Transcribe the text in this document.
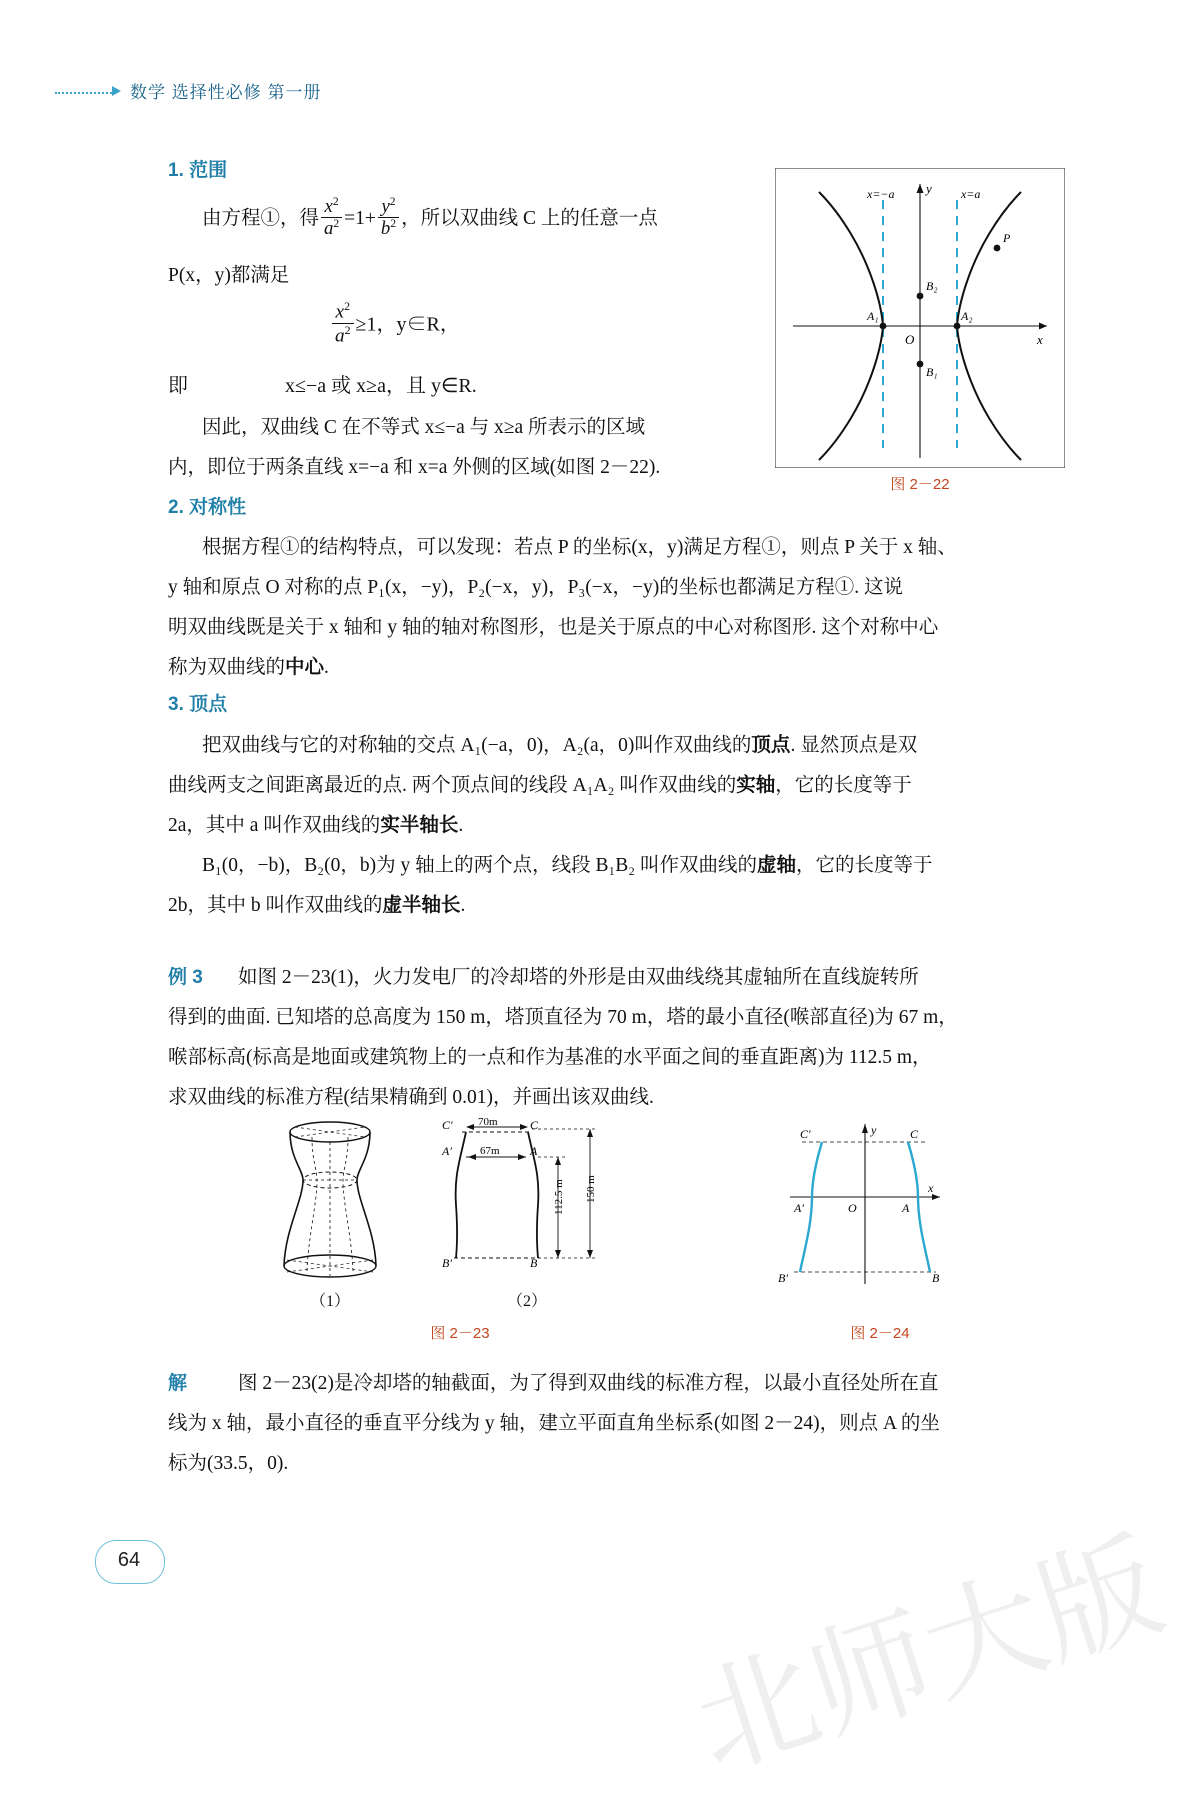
北师大版
数学 选择性必修 第一册
1. 范围

由方程①，得 $\frac{x^2}{a^2} =1+ \frac{y^2}{b^2}$ ，所以双曲线 C 上的任意一点

P(x，y)都满足

$\frac{x^2}{a^2} \ge 1$，y∈R，
即	x≤−a 或 x≥a，且 y∈R.

因此，双曲线 C 在不等式 x≤−a 与 x≥a 所表示的区域

内，即位于两条直线 x=−a 和 x=a 外侧的区域(如图 2－22).

x=−a	x=a
y
x
O
A₁	A₂
B₂
B₁
P
图 2－22
2. 对称性

根据方程①的结构特点，可以发现：若点 P 的坐标(x，y)满足方程①，则点 P 关于 x 轴、

y 轴和原点 O 对称的点 P₁(x，−y)，P₂(−x，y)，P₃(−x，−y)的坐标也都满足方程①. 这说

明双曲线既是关于 x 轴和 y 轴的轴对称图形，也是关于原点的中心对称图形. 这个对称中心

称为双曲线的中心.

3. 顶点

把双曲线与它的对称轴的交点 A₁(−a，0)，A₂(a，0)叫作双曲线的顶点. 显然顶点是双

曲线两支之间距离最近的点. 两个顶点间的线段 A₁A₂ 叫作双曲线的实轴，它的长度等于

2a，其中 a 叫作双曲线的实半轴长.

B₁(0，−b)，B₂(0，b)为 y 轴上的两个点，线段 B₁B₂ 叫作双曲线的虚轴，它的长度等于

2b，其中 b 叫作双曲线的虚半轴长.

例 3 如图 2－23(1)，火力发电厂的冷却塔的外形是由双曲线绕其虚轴所在直线旋转所

得到的曲面. 已知塔的总高度为 150 m，塔顶直径为 70 m，塔的最小直径(喉部直径)为 67 m，

喉部标高(标高是地面或建筑物上的一点和作为基准的水平面之间的垂直距离)为 112.5 m，

求双曲线的标准方程(结果精确到 0.01)，并画出该双曲线.

（1）
C′	C
A′	A
B′	B
70m
67m
112.5 m 150 m
（2）
图 2－23
y
x
O
C′	C
A′	A
B′	B
图 2－24
解	图 2－23(2)是冷却塔的轴截面，为了得到双曲线的标准方程，以最小直径处所在直

线为 x 轴，最小直径的垂直平分线为 y 轴，建立平面直角坐标系(如图 2－24)，则点 A 的坐

标为(33.5，0).

64
